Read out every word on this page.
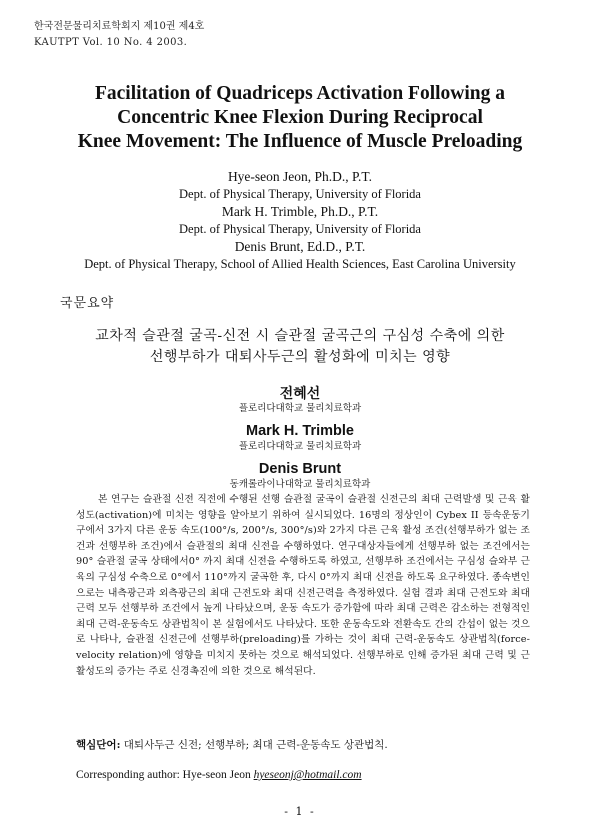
한국전문물리치료학회지 제10권 제4호
KAUTPT Vol. 10 No. 4 2003.
Facilitation of Quadriceps Activation Following a
Concentric Knee Flexion During Reciprocal
Knee Movement: The Influence of Muscle Preloading
Hye-seon Jeon, Ph.D., P.T.
Dept. of Physical Therapy, University of Florida
Mark H. Trimble, Ph.D., P.T.
Dept. of Physical Therapy, University of Florida
Denis Brunt, Ed.D., P.T.
Dept. of Physical Therapy, School of Allied Health Sciences, East Carolina University
국문요약
교차적 슬관절 굴곡-신전 시 슬관절 굴곡근의 구심성 수축에 의한
선행부하가 대퇴사두근의 활성화에 미치는 영향
전혜선
플로리다대학교 물리치료학과
Mark H. Trimble
플로리다대학교 물리치료학과
Denis Brunt
동캐롤라이나대학교 물리치료학과
본 연구는 슬관절 신전 직전에 수행된 선행 슬관절 굴곡이 슬관절 신전근의 최대 근력발생 및 근육 활성도(activation)에 미치는 영향을 알아보기 위하여 실시되었다. 16명의 정상인이 Cybex II 등속운동기구에서 3가지 다른 운동 속도(100°/s, 200°/s, 300°/s)와 2가지 다른 근육 활성 조건(선행부하가 없는 조건과 선행부하 조건)에서 슬관절의 최대 신전을 수행하였다. 연구대상자들에게 선행부하 없는 조건에서는 90° 슬관절 굴곡 상태에서0° 까지 최대 신전을 수행하도록 하였고, 선행부하 조건에서는 구심성 슬와부 근육의 구심성 수축으로 0°에서 110°까지 굴곡한 후, 다시 0°까지 최대 신전을 하도록 요구하였다. 종속변인으로는 내측광근과 외측광근의 최대 근전도와 최대 신전근력을 측정하였다. 실험 결과 최대 근전도와 최대 근력 모두 선행부하 조건에서 높게 나타났으며, 운동 속도가 증가함에 따라 최대 근력은 감소하는 전형적인 최대 근력-운동속도 상관법칙이 본 실험에서도 나타났다. 또한 운동속도와 전환속도 간의 간섭이 없는 것으로 나타나, 슬관절 신전근에 선행부하(preloading)를 가하는 것이 최대 근력-운동속도 상관법칙(force-velocity relation)에 영향을 미치지 못하는 것으로 해석되었다. 선행부하로 인해 증가된 최대 근력 및 근 활성도의 증가는 주로 신경촉진에 의한 것으로 해석된다.
핵심단어: 대퇴사두근 신전; 선행부하; 최대 근력-운동속도 상관법칙.
Corresponding author: Hye-seon Jeon hyeseonj@hotmail.com
- 1 -
